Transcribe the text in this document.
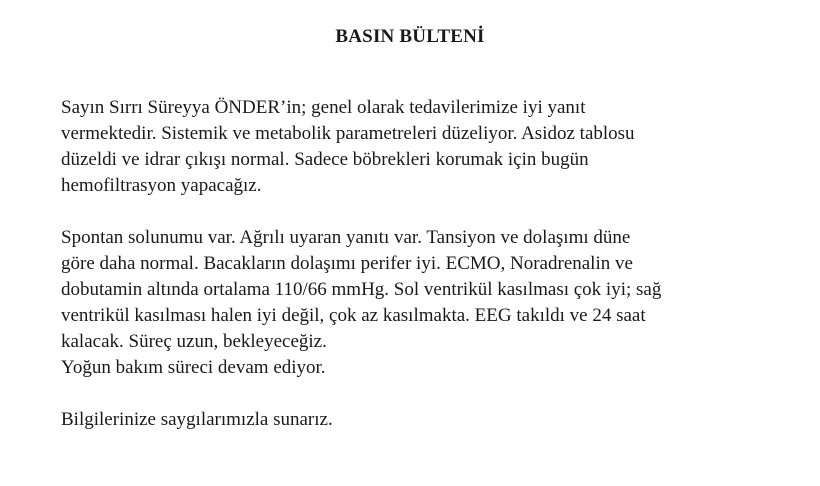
BASIN BÜLTENİ

Sayın Sırrı Süreyya ÖNDER’in; genel olarak tedavilerimize iyi yanıt

vermektedir. Sistemik ve metabolik parametreleri düzeliyor. Asidoz tablosu

düzeldi ve idrar çıkışı normal. Sadece böbrekleri korumak için bugün

hemofiltrasyon yapacağız.

Spontan solunumu var. Ağrılı uyaran yanıtı var. Tansiyon ve dolaşımı düne

göre daha normal. Bacakların dolaşımı perifer iyi. ECMO, Noradrenalin ve

dobutamin altında ortalama 110/66 mmHg. Sol ventrikül kasılması çok iyi; sağ

ventrikül kasılması halen iyi değil, çok az kasılmakta. EEG takıldı ve 24 saat

kalacak. Süreç uzun, bekleyeceğiz.

Yoğun bakım süreci devam ediyor.

Bilgilerinize saygılarımızla sunarız.
